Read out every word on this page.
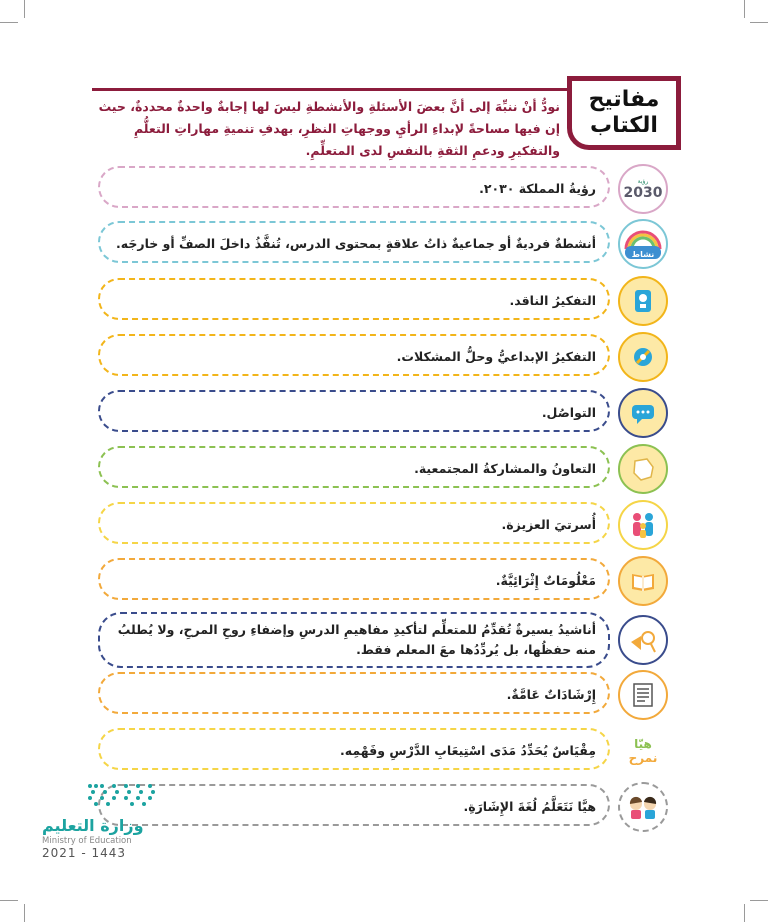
مفاتيح
الكتاب
نودُّ أنْ ننبِّهَ إلى أنَّ بعضَ الأسئلةِ والأنشطةِ ليسَ لها إجابةٌ واحدةٌ محددةٌ، حيث إن فيها مساحةً لإبداءِ الرأيِ ووجهاتِ النظرِ، بهدفِ تنميةِ مهاراتِ التعلُّمِ والتفكيرِ ودعمِ الثقةِ بالنفسِ لدى المتعلِّمِ.
رؤيةُ المملكة ٢٠٣٠.	رؤية
2030
أنشطةٌ فرديةٌ أو جماعيةٌ ذاتُ علاقةٍ بمحتوى الدرس، تُنفَّذُ داخلَ الصفِّ أو خارجَه.
نشاط
التفكيرُ الناقد.
التفكيرُ الإبداعيُّ وحلُّ المشكلات.
التواصُل.
التعاونُ والمشاركةُ المجتمعية.
أُسرتيَ العزيزة.
مَعْلُومَاتٌ إِثْرَائِيَّةٌ.
أناشيدُ يسيرةٌ تُقدِّمُ للمتعلِّم لتأكيدِ مفاهيمِ الدرسِ وإضفاءِ روحِ المرحِ، ولا يُطلبُ منه حفظُها، بل يُردِّدُها معَ المعلم فقط.
إِرْشَادَاتٌ عَامَّةٌ.
مِقْيَاسٌ يُحَدِّدُ مَدَى اسْتِيعَابِ الدَّرْسِ وفَهْمِه.	هيّا
نمرح
هيَّا نَتَعَلَّمُ لُغَةَ الإِشَارَةِ.
وزارة التعليم
Ministry of Education
2021 - 1443
